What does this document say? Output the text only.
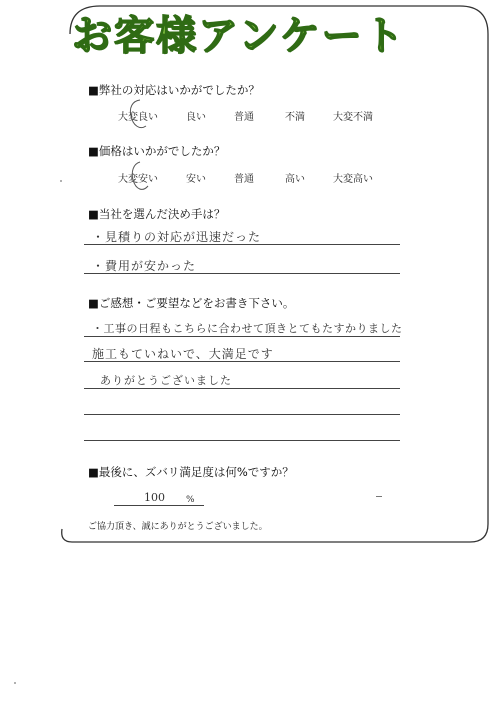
お客様アンケート
■弊社の対応はいかがでしたか？
大変良い	良い	普通	不満	大変不満
■価格はいかがでしたか？
大変安い	安い	普通	高い	大変高い
■当社を選んだ決め手は？
・見積りの対応が迅速だった
・費用が安かった
■ご感想・ご要望などをお書き下さい。
・工事の日程もこちらに合わせて頂きとてもたすかりました
施工もていねいで、大満足です
ありがとうございました
■最後に、ズバリ満足度は何%ですか？
100 %
ご協力頂き、誠にありがとうございました。
